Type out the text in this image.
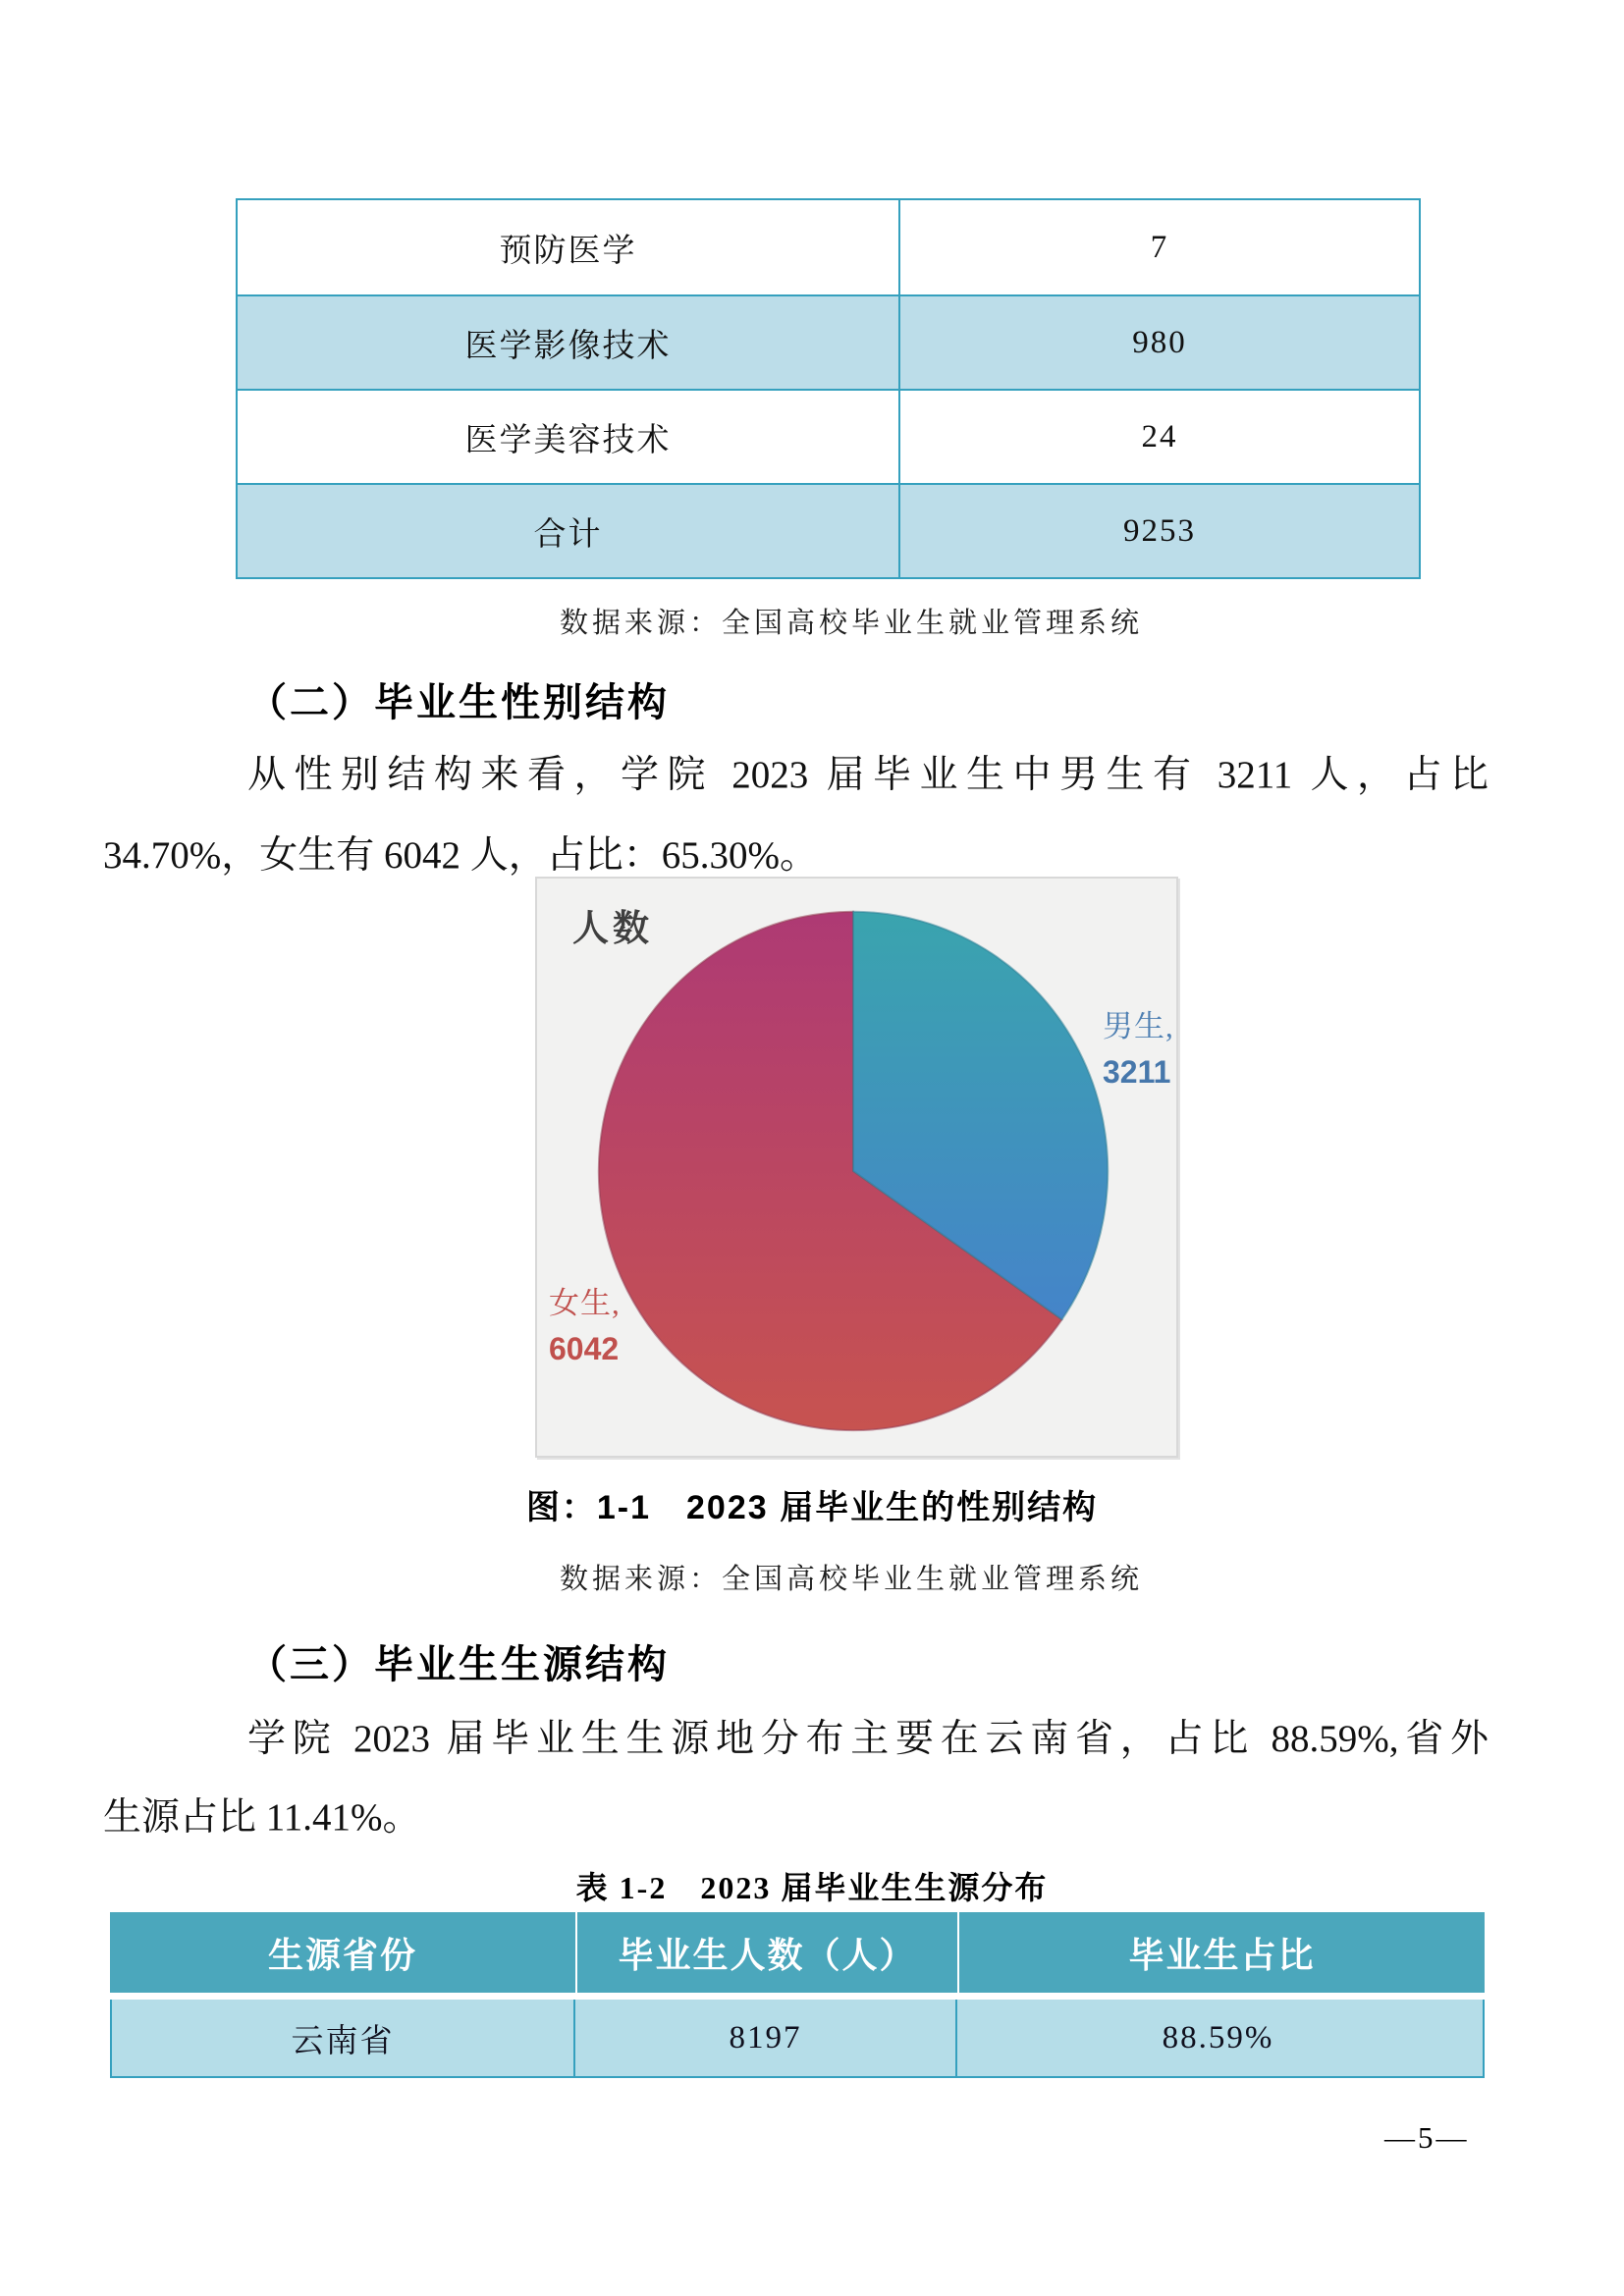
预防医学	7
医学影像技术	980
医学美容技术	24
合计	9253
数据来源：全国高校毕业生就业管理系统
（二）毕业生性别结构
从性别结构来看，学院 2023 届毕业生中男生有 3211 人，占比
34.70%，女生有 6042 人，占比：65.30%。
人数
男生,
3211
女生,
6042
图：1-1　2023 届毕业生的性别结构
数据来源：全国高校毕业生就业管理系统
（三）毕业生生源结构
学院 2023 届毕业生生源地分布主要在云南省，占比 88.59%,省外
生源占比 11.41%。
表 1-2　2023 届毕业生生源分布
生源省份	毕业生人数（人）	毕业生占比
云南省	8197	88.59%
—5—
